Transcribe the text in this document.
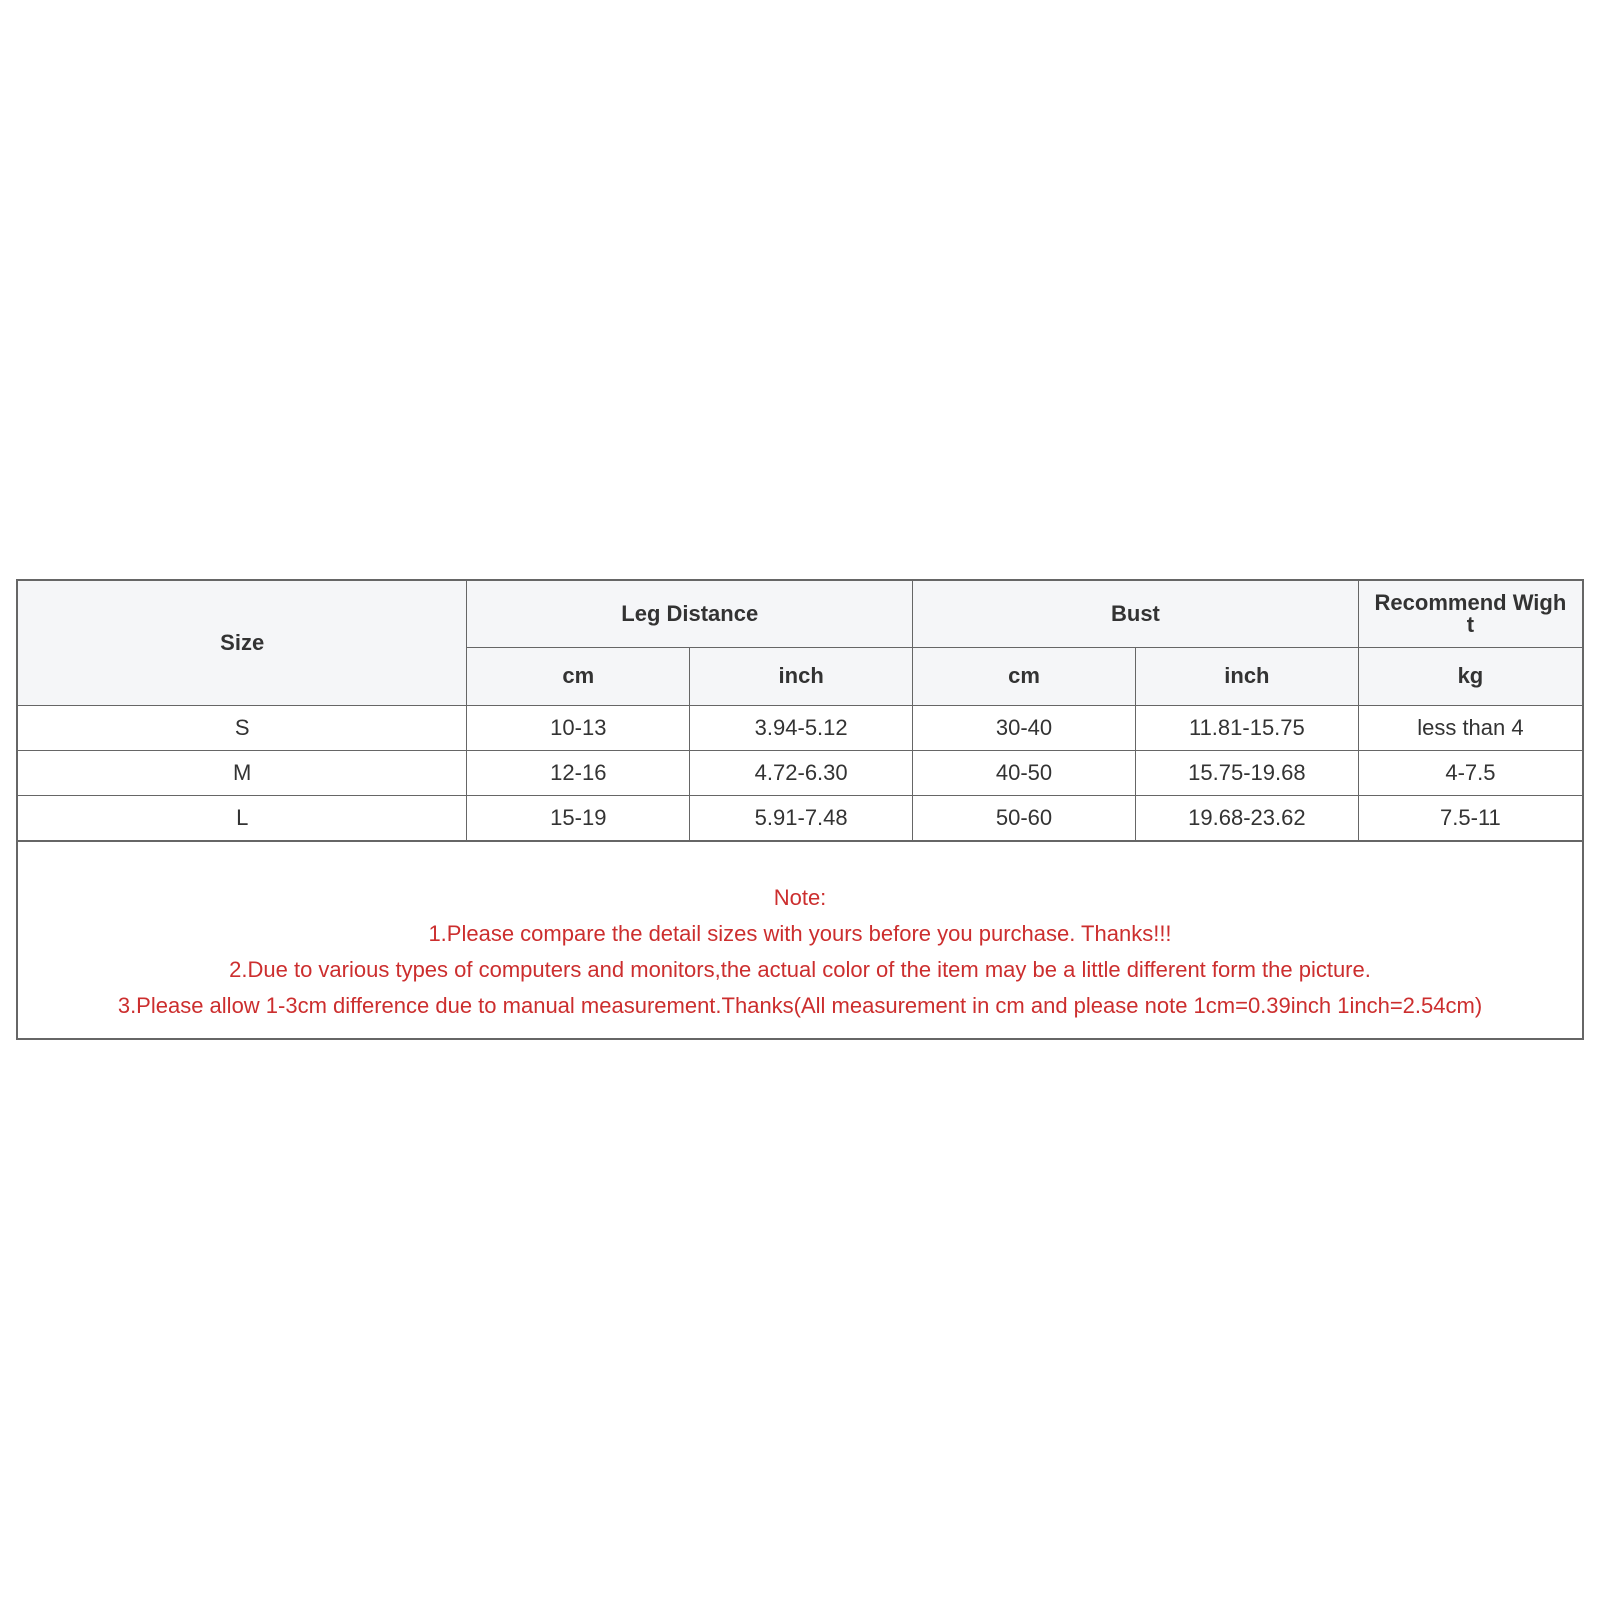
Size	Leg Distance		Bust		Recommend Wight
	cm	inch	cm	inch	kg
S	10-13	3.94-5.12	30-40	11.81-15.75	less than 4
M	12-16	4.72-6.30	40-50	15.75-19.68	4-7.5
L	15-19	5.91-7.48	50-60	19.68-23.62	7.5-11
Note:
1.Please compare the detail sizes with yours before you purchase. Thanks!!!
2.Due to various types of computers and monitors,the actual color of the item may be a little different form the picture.
3.Please allow 1-3cm difference due to manual measurement.Thanks(All measurement in cm and please note 1cm=0.39inch 1inch=2.54cm)
